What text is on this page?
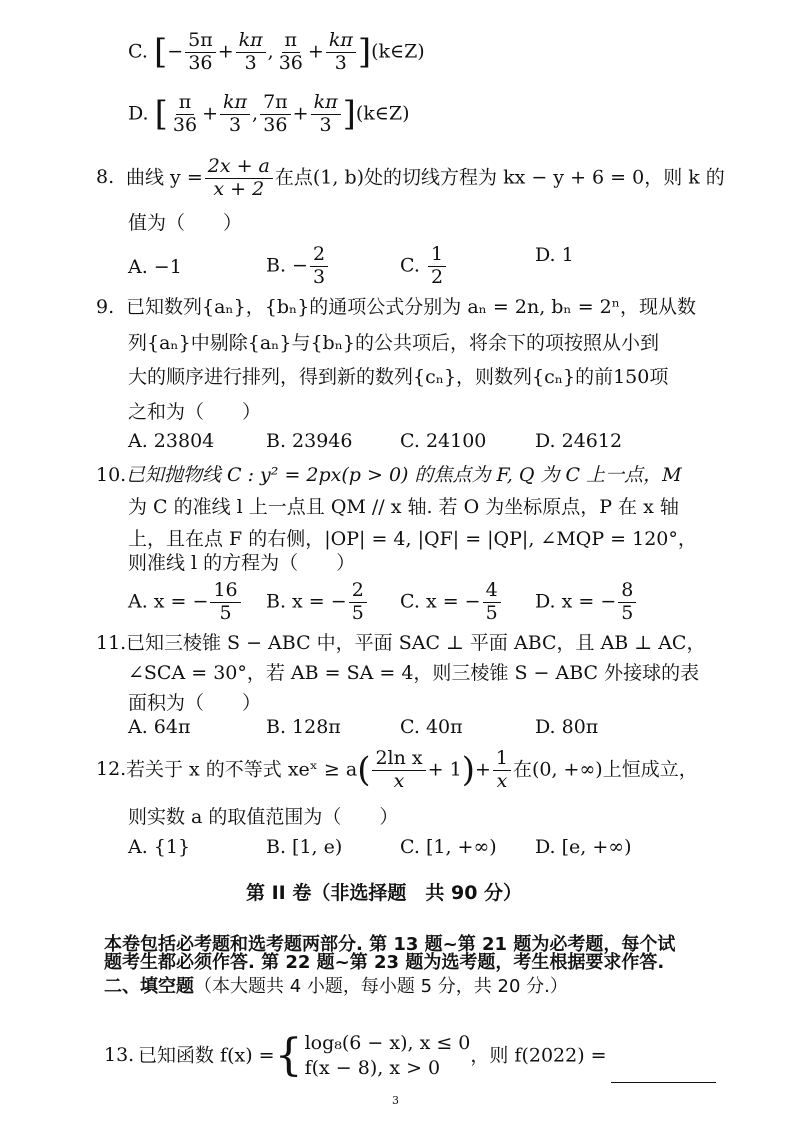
C. [− $\frac{5\pi}{36} + \frac{k\pi}{3}$ , $\frac{\pi}{36} + \frac{k\pi}{3}$ ](k∈Z)
D. [ $\frac{\pi}{36} + \frac{k\pi}{3}$ , $\frac{7\pi}{36} + \frac{k\pi}{3}$ ](k∈Z)
8. 曲线 $y = \frac{2x + a}{x + 2}$ 在点(1, b)处的切线方程为 kx − y + 6 = 0，则 k 的
值为（　　）
A. −1	B. − $\frac{2}{3}$	C. $\frac{1}{2}$	D. 1
9. 已知数列{aₙ}，{bₙ}的通项公式分别为 aₙ = 2n, bₙ = 2ⁿ，现从数
列{aₙ}中剔除{aₙ}与{bₙ}的公共项后，将余下的项按照从小到
大的顺序进行排列，得到新的数列{cₙ}，则数列{cₙ}的前150项
之和为（　　）
A. 23804	B. 23946	C. 24100	D. 24612
10.已知抛物线 C : y² = 2px(p > 0) 的焦点为 F, Q 为 C 上一点，M
为 C 的准线 l 上一点且 QM // x 轴. 若 O 为坐标原点，P 在 x 轴
上，且在点 F 的右侧，|OP| = 4, |QF| = |QP|, ∠MQP = 120°，
则准线 l 的方程为（　　）
A. x = − $\frac{16}{5} B$. x = − $\frac{2}{5} C$. x = − $\frac{4}{5} D$. x = − $\frac{8}{5}$
11.已知三棱锥 S − ABC 中，平面 SAC ⊥ 平面 ABC，且 AB ⊥ AC，
∠SCA = 30°，若 AB = SA = 4，则三棱锥 S − ABC 外接球的表
面积为（　　）
A. 64π	B. 128π	C. 40π	D. 80π
12.若关于 x 的不等式 xeˣ ≥ $a( \frac{\text{2ln x}}{x} + 1)+ \frac{1}{x}$ 在(0, +∞)上恒成立，
则实数 a 的取值范围为（　　）
A. {1}	B. [1, e)	C. [1, +∞)	D. [e, +∞)
第 II 卷（非选择题　共 90 分）
本卷包括必考题和选考题两部分. 第 13 题~第 21 题为必考题，每个试
题考生都必须作答. 第 22 题~第 23 题为选考题，考生根据要求作答.
二、填空题（本大题共 4 小题，每小题 5 分，共 20 分.）
13. 已知函数 f(x) ={ log₈(6 − x), x ≤ 0
f(x − 8), x > 0
，则 f(2022) =
3
